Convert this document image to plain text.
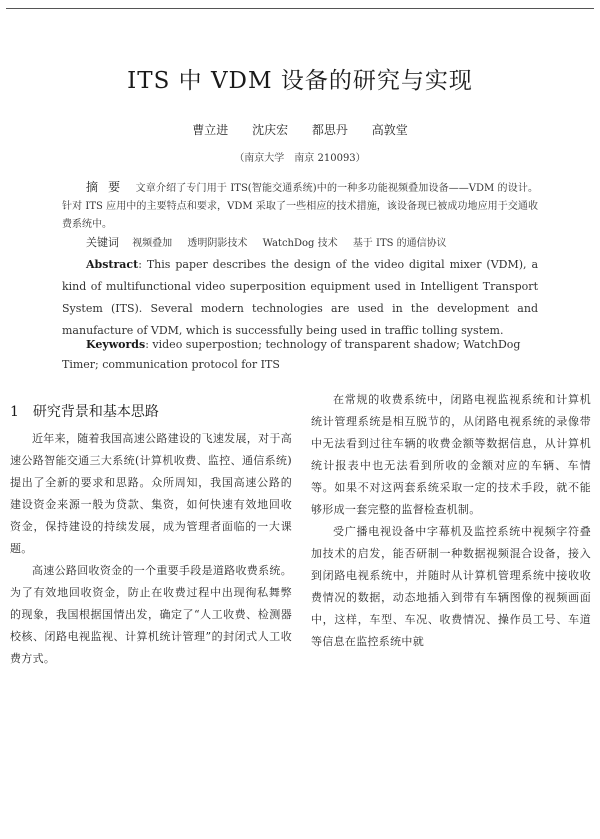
ITS 中 VDM 设备的研究与实现
曹立进 沈庆宏 都思丹 高敦堂
（南京大学　南京 210093）
摘要 文章介绍了专门用于 ITS(智能交通系统)中的一种多功能视频叠加设备——VDM 的设计。针对 ITS 应用中的主要特点和要求，VDM 采取了一些相应的技术措施，该设备现已被成功地应用于交通收费系统中。
关键词 视频叠加 透明阴影技术 WatchDog 技术 基于 ITS 的通信协议
Abstract: This paper describes the design of the video digital mixer (VDM), a kind of multifunctional video superposition equipment used in Intelligent Transport System (ITS). Several modern technologies are used in the development and manufacture of VDM, which is successfully being used in traffic tolling system.
Keywords: video superpostion; technology of transparent shadow; WatchDog Timer; communication protocol for ITS
1 研究背景和基本思路

近年来，随着我国高速公路建设的飞速发展，对于高速公路智能交通三大系统(计算机收费、监控、通信系统)提出了全新的要求和思路。众所周知，我国高速公路的建设资金来源一般为贷款、集资，如何快速有效地回收资金，保持建设的持续发展，成为管理者面临的一大课题。

高速公路回收资金的一个重要手段是道路收费系统。为了有效地回收资金，防止在收费过程中出现徇私舞弊的现象，我国根据国情出发，确定了“人工收费、检测器校核、闭路电视监视、计算机统计管理”的封闭式人工收费方式。

在常规的收费系统中，闭路电视监视系统和计算机统计管理系统是相互脱节的，从闭路电视系统的录像带中无法看到过往车辆的收费金额等数据信息，从计算机统计报表中也无法看到所收的金额对应的车辆、车情等。如果不对这两套系统采取一定的技术手段，就不能够形成一套完整的监督检查机制。

受广播电视设备中字幕机及监控系统中视频字符叠加技术的启发，能否研制一种数据视频混合设备，接入到闭路电视系统中，并随时从计算机管理系统中接收收费情况的数据，动态地插入到带有车辆图像的视频画面中，这样，车型、车况、收费情况、操作员工号、车道等信息在监控系统中就
